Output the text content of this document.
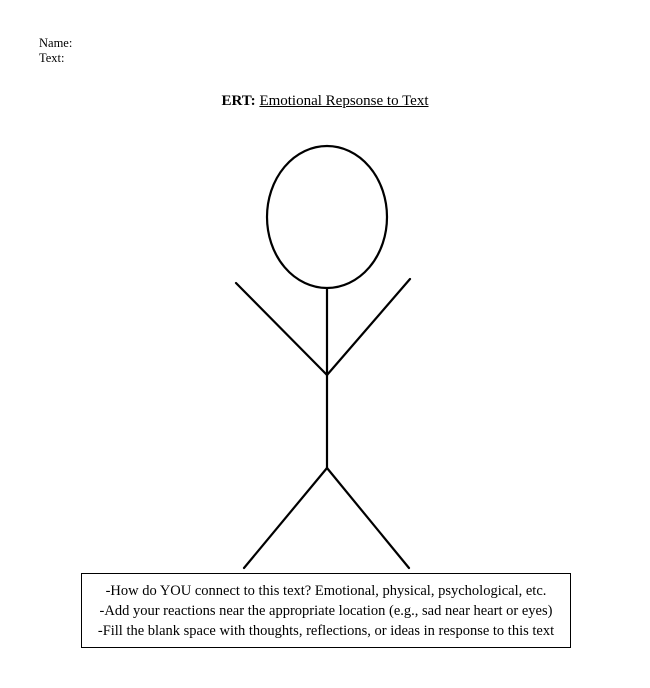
Name:
Text:
ERT: Emotional Repsonse to Text
-How do YOU connect to this text? Emotional, physical, psychological, etc.
-Add your reactions near the appropriate location (e.g., sad near heart or eyes)
-Fill the blank space with thoughts, reflections, or ideas in response to this text
